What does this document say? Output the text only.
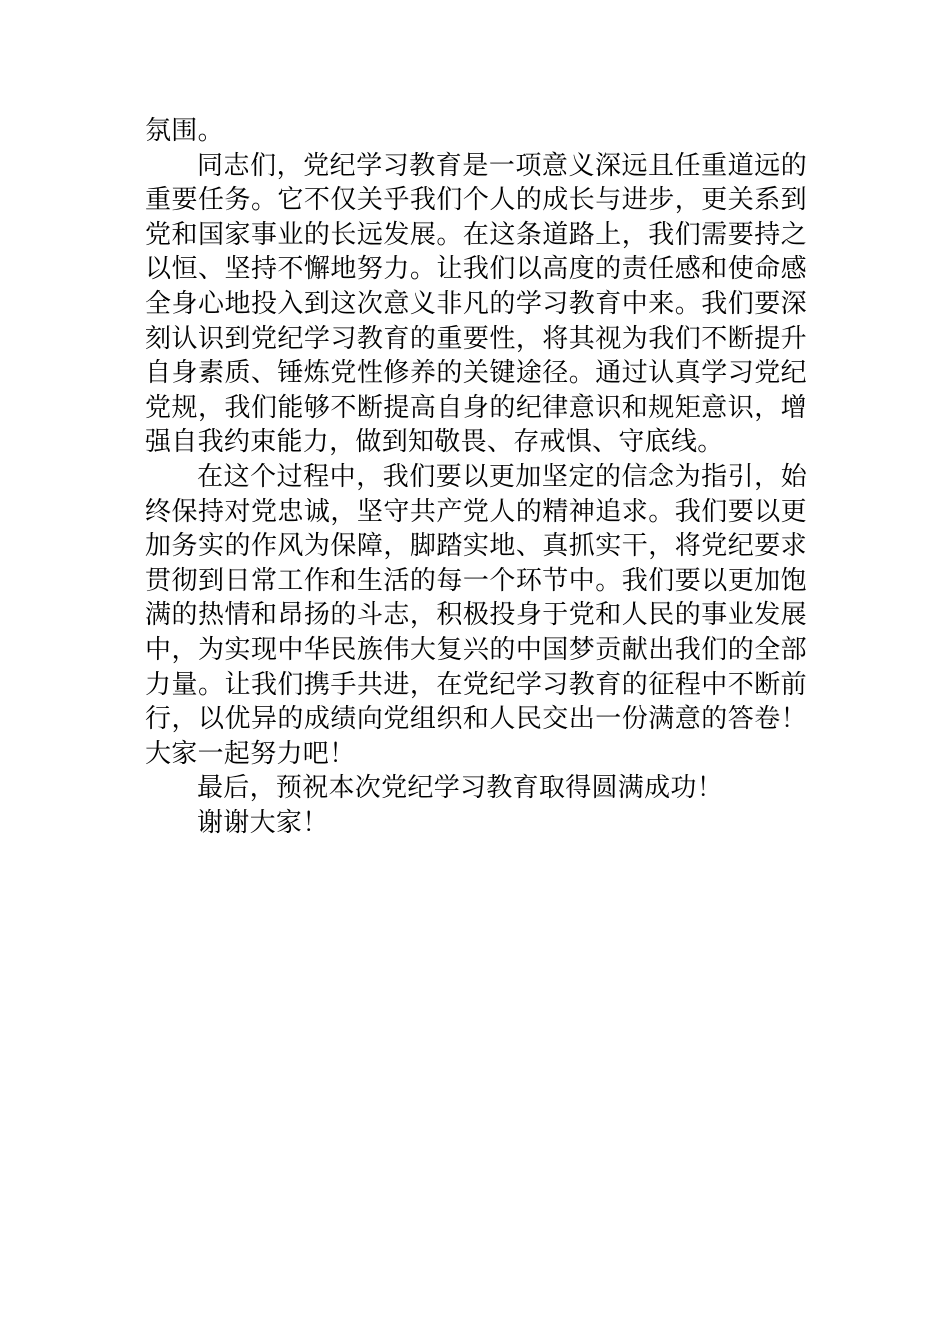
氛围。

同志们，党纪学习教育是一项意义深远且任重道远的重要任务。它不仅关乎我们个人的成长与进步，更关系到党和国家事业的长远发展。在这条道路上，我们需要持之以恒、坚持不懈地努力。让我们以高度的责任感和使命感全身心地投入到这次意义非凡的学习教育中来。我们要深刻认识到党纪学习教育的重要性，将其视为我们不断提升自身素质、锤炼党性修养的关键途径。通过认真学习党纪党规，我们能够不断提高自身的纪律意识和规矩意识，增强自我约束能力，做到知敬畏、存戒惧、守底线。

在这个过程中，我们要以更加坚定的信念为指引，始终保持对党忠诚，坚守共产党人的精神追求。我们要以更加务实的作风为保障，脚踏实地、真抓实干，将党纪要求贯彻到日常工作和生活的每一个环节中。我们要以更加饱满的热情和昂扬的斗志，积极投身于党和人民的事业发展中，为实现中华民族伟大复兴的中国梦贡献出我们的全部力量。让我们携手共进，在党纪学习教育的征程中不断前行，以优异的成绩向党组织和人民交出一份满意的答卷！大家一起努力吧！

最后，预祝本次党纪学习教育取得圆满成功！

谢谢大家！
